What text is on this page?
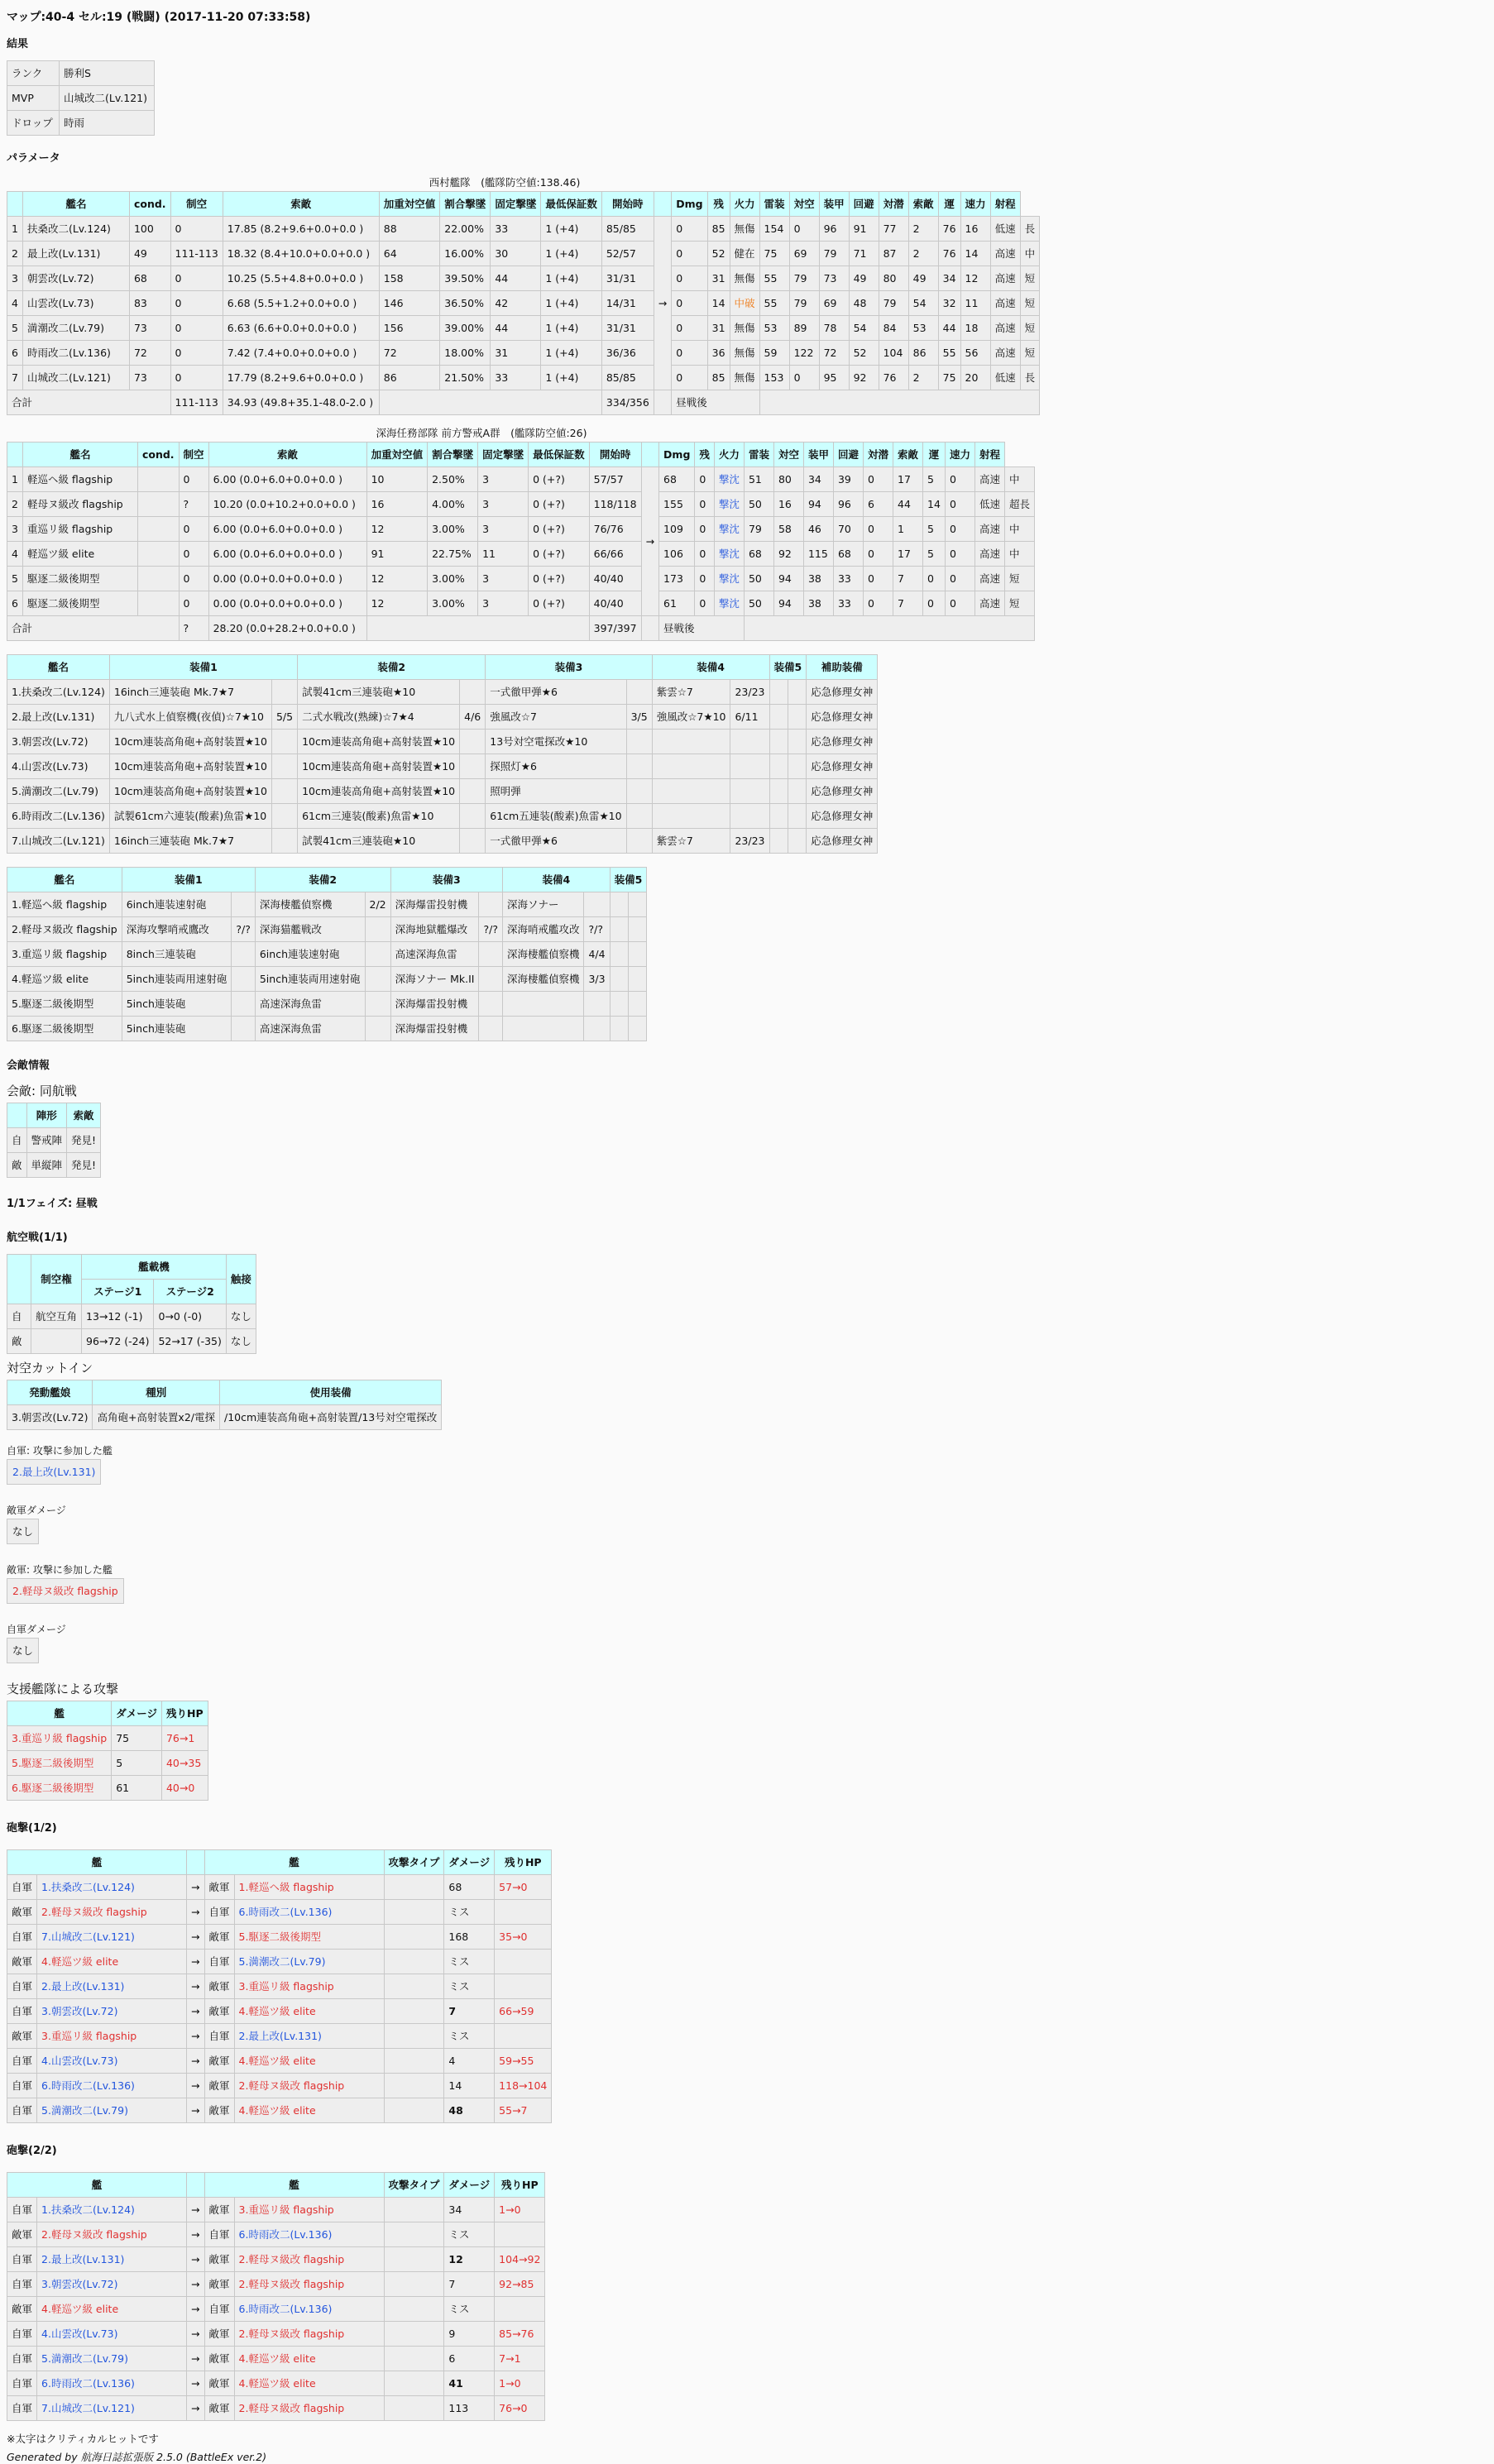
マップ:40-4 セル:19 (戦闘) (2017-11-20 07:33:58)
結果
ランク	勝利S
MVP	山城改二(Lv.121)
ドロップ	時雨
パラメータ
西村艦隊　(艦隊防空値:138.46)
	艦名	cond.	制空	索敵	加重対空値	割合撃墜	固定撃墜	最低保証数	開始時		Dmg	残	火力	雷装	対空	装甲	回避	対潜	索敵	運	速力	射程	
1	扶桑改二(Lv.124)	100	0	17.85 (8.2+9.6+0.0+0.0 )	88	22.00%	33	1 (+4)	85/85	→	0	85	無傷	154	0	96	91	77	2	76	16	低速	長
2	最上改(Lv.131)	49	111-113	18.32 (8.4+10.0+0.0+0.0 )	64	16.00%	30	1 (+4)	52/57		0	52	健在	75	69	79	71	87	2	76	14	高速	中
3	朝雲改(Lv.72)	68	0	10.25 (5.5+4.8+0.0+0.0 )	158	39.50%	44	1 (+4)	31/31		0	31	無傷	55	79	73	49	80	49	34	12	高速	短
4	山雲改(Lv.73)	83	0	6.68 (5.5+1.2+0.0+0.0 )	146	36.50%	42	1 (+4)	14/31		0	14	中破	55	79	69	48	79	54	32	11	高速	短
5	満潮改二(Lv.79)	73	0	6.63 (6.6+0.0+0.0+0.0 )	156	39.00%	44	1 (+4)	31/31		0	31	無傷	53	89	78	54	84	53	44	18	高速	短
6	時雨改二(Lv.136)	72	0	7.42 (7.4+0.0+0.0+0.0 )	72	18.00%	31	1 (+4)	36/36		0	36	無傷	59	122	72	52	104	86	55	56	高速	短
7	山城改二(Lv.121)	73	0	17.79 (8.2+9.6+0.0+0.0 )	86	21.50%	33	1 (+4)	85/85		0	85	無傷	153	0	95	92	76	2	75	20	低速	長
合計			111-113	34.93 (49.8+35.1-48.0-2.0 )					334/356		昼戦後												
深海任務部隊 前方警戒A群　(艦隊防空値:26)
	艦名	cond.	制空	索敵	加重対空値	割合撃墜	固定撃墜	最低保証数	開始時		Dmg	残	火力	雷装	対空	装甲	回避	対潜	索敵	運	速力	射程	
1	軽巡ヘ級 flagship		0	6.00 (0.0+6.0+0.0+0.0 )	10	2.50%	3	0 (+?)	57/57	→	68	0	撃沈	51	80	34	39	0	17	5	0	高速	中
2	軽母ヌ級改 flagship		?	10.20 (0.0+10.2+0.0+0.0 )	16	4.00%	3	0 (+?)	118/118		155	0	撃沈	50	16	94	96	6	44	14	0	低速	超長
3	重巡リ級 flagship		0	6.00 (0.0+6.0+0.0+0.0 )	12	3.00%	3	0 (+?)	76/76		109	0	撃沈	79	58	46	70	0	1	5	0	高速	中
4	軽巡ツ級 elite		0	6.00 (0.0+6.0+0.0+0.0 )	91	22.75%	11	0 (+?)	66/66		106	0	撃沈	68	92	115	68	0	17	5	0	高速	中
5	駆逐二級後期型		0	0.00 (0.0+0.0+0.0+0.0 )	12	3.00%	3	0 (+?)	40/40		173	0	撃沈	50	94	38	33	0	7	0	0	高速	短
6	駆逐二級後期型		0	0.00 (0.0+0.0+0.0+0.0 )	12	3.00%	3	0 (+?)	40/40		61	0	撃沈	50	94	38	33	0	7	0	0	高速	短
合計			?	28.20 (0.0+28.2+0.0+0.0 )					397/397		昼戦後												
艦名	装備1		装備2		装備3		装備4		装備5		補助装備
1.扶桑改二(Lv.124)	16inch三連装砲 Mk.7★7		試製41cm三連装砲★10		一式徹甲弾★6		紫雲☆7	23/23			応急修理女神
2.最上改(Lv.131)	九八式水上偵察機(夜偵)☆7★10	5/5	二式水戦改(熟練)☆7★4	4/6	強風改☆7	3/5	強風改☆7★10	6/11			応急修理女神
3.朝雲改(Lv.72)	10cm連装高角砲+高射装置★10		10cm連装高角砲+高射装置★10		13号対空電探改★10						応急修理女神
4.山雲改(Lv.73)	10cm連装高角砲+高射装置★10		10cm連装高角砲+高射装置★10		探照灯★6						応急修理女神
5.満潮改二(Lv.79)	10cm連装高角砲+高射装置★10		10cm連装高角砲+高射装置★10		照明弾						応急修理女神
6.時雨改二(Lv.136)	試製61cm六連装(酸素)魚雷★10		61cm三連装(酸素)魚雷★10		61cm五連装(酸素)魚雷★10						応急修理女神
7.山城改二(Lv.121)	16inch三連装砲 Mk.7★7		試製41cm三連装砲★10		一式徹甲弾★6		紫雲☆7	23/23			応急修理女神
艦名	装備1		装備2		装備3		装備4		装備5	
1.軽巡ヘ級 flagship	6inch連装速射砲		深海棲艦偵察機	2/2	深海爆雷投射機		深海ソナー			
2.軽母ヌ級改 flagship	深海攻撃哨戒鷹改	?/?	深海猫艦戦改		深海地獄艦爆改	?/?	深海哨戒艦攻改	?/?		
3.重巡リ級 flagship	8inch三連装砲		6inch連装速射砲		高速深海魚雷		深海棲艦偵察機	4/4		
4.軽巡ツ級 elite	5inch連装両用速射砲		5inch連装両用速射砲		深海ソナー Mk.II		深海棲艦偵察機	3/3		
5.駆逐二級後期型	5inch連装砲		高速深海魚雷		深海爆雷投射機					
6.駆逐二級後期型	5inch連装砲		高速深海魚雷		深海爆雷投射機					
会敵情報
会敵: 同航戦
	陣形	索敵
自	警戒陣	発見!
敵	単縦陣	発見!
1/1フェイズ: 昼戦
航空戦(1/1)
	制空権	艦載機		触接
		ステージ1	ステージ2	
自	航空互角	13→12 (-1)	0→0 (-0)	なし
敵		96→72 (-24)	52→17 (-35)	なし
対空カットイン
発動艦娘	種別	使用装備
3.朝雲改(Lv.72)	高角砲+高射装置x2/電探	/10cm連装高角砲+高射装置/13号対空電探改
自軍: 攻撃に参加した艦
2.最上改(Lv.131)
敵軍ダメージ
なし
敵軍: 攻撃に参加した艦
2.軽母ヌ級改 flagship
自軍ダメージ
なし
支援艦隊による攻撃
艦	ダメージ	残りHP
3.重巡リ級 flagship	75	76→1
5.駆逐二級後期型	5	40→35
6.駆逐二級後期型	61	40→0
砲撃(1/2)
艦			艦		攻撃タイプ	ダメージ	残りHP
自軍	1.扶桑改二(Lv.124)	→	敵軍	1.軽巡ヘ級 flagship		68	57→0
敵軍	2.軽母ヌ級改 flagship	→	自軍	6.時雨改二(Lv.136)		ミス	
自軍	7.山城改二(Lv.121)	→	敵軍	5.駆逐二級後期型		168	35→0
敵軍	4.軽巡ツ級 elite	→	自軍	5.満潮改二(Lv.79)		ミス	
自軍	2.最上改(Lv.131)	→	敵軍	3.重巡リ級 flagship		ミス	
自軍	3.朝雲改(Lv.72)	→	敵軍	4.軽巡ツ級 elite		7	66→59
敵軍	3.重巡リ級 flagship	→	自軍	2.最上改(Lv.131)		ミス	
自軍	4.山雲改(Lv.73)	→	敵軍	4.軽巡ツ級 elite		4	59→55
自軍	6.時雨改二(Lv.136)	→	敵軍	2.軽母ヌ級改 flagship		14	118→104
自軍	5.満潮改二(Lv.79)	→	敵軍	4.軽巡ツ級 elite		48	55→7
砲撃(2/2)
艦			艦		攻撃タイプ	ダメージ	残りHP
自軍	1.扶桑改二(Lv.124)	→	敵軍	3.重巡リ級 flagship		34	1→0
敵軍	2.軽母ヌ級改 flagship	→	自軍	6.時雨改二(Lv.136)		ミス	
自軍	2.最上改(Lv.131)	→	敵軍	2.軽母ヌ級改 flagship		12	104→92
自軍	3.朝雲改(Lv.72)	→	敵軍	2.軽母ヌ級改 flagship		7	92→85
敵軍	4.軽巡ツ級 elite	→	自軍	6.時雨改二(Lv.136)		ミス	
自軍	4.山雲改(Lv.73)	→	敵軍	2.軽母ヌ級改 flagship		9	85→76
自軍	5.満潮改二(Lv.79)	→	敵軍	4.軽巡ツ級 elite		6	7→1
自軍	6.時雨改二(Lv.136)	→	敵軍	4.軽巡ツ級 elite		41	1→0
自軍	7.山城改二(Lv.121)	→	敵軍	2.軽母ヌ級改 flagship		113	76→0
※太字はクリティカルヒットです
Generated by 航海日誌拡張版 2.5.0 (BattleEx ver.2)
